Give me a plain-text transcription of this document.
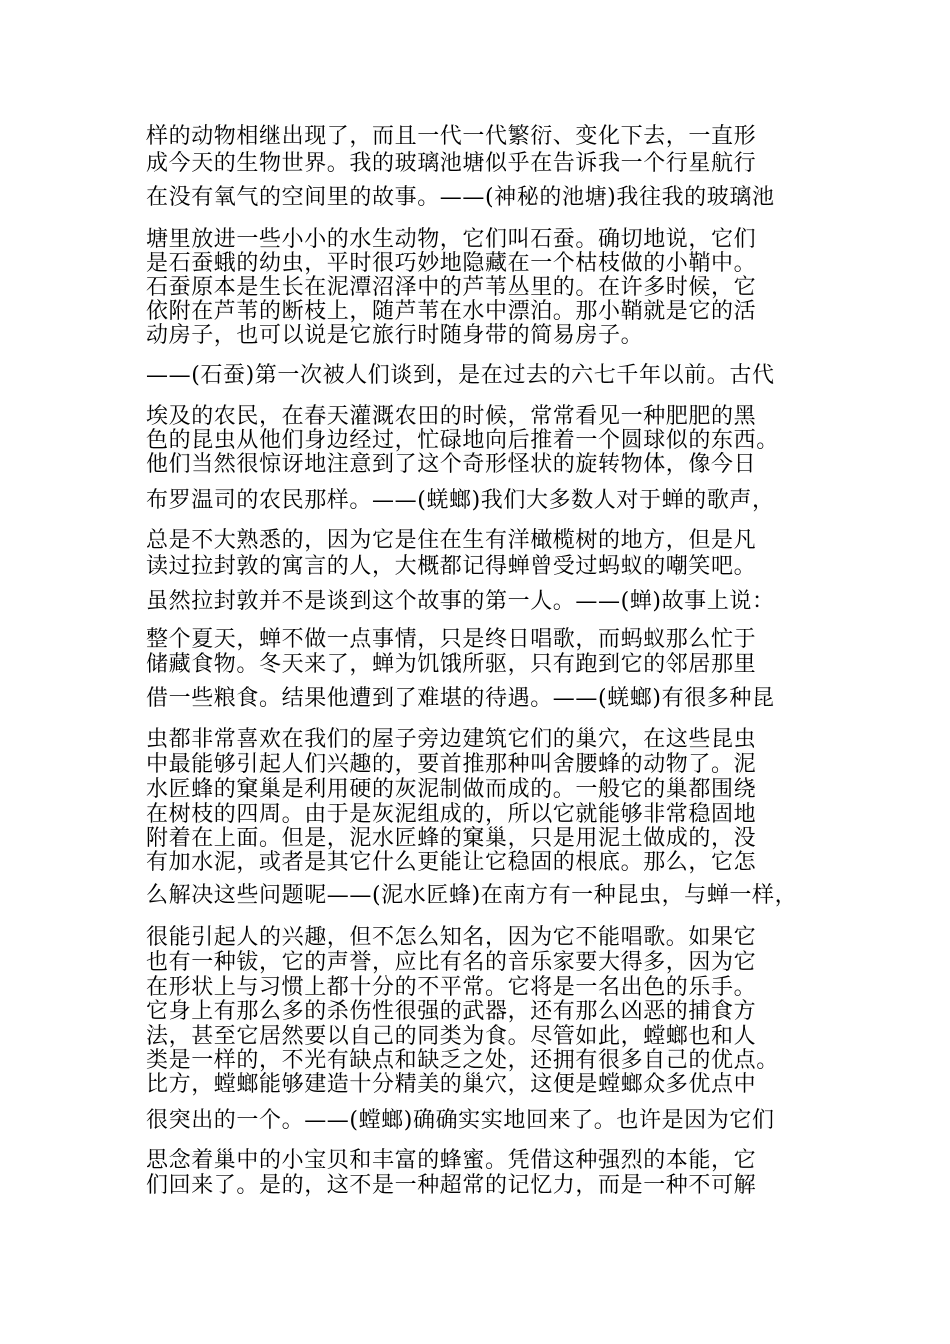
样的动物相继出现了，而且一代一代繁衍、变化下去，一直形
成今天的生物世界。我的玻璃池塘似乎在告诉我一个行星航行
在没有氧气的空间里的故事。——(神秘的池塘)我往我的玻璃池
塘里放进一些小小的水生动物，它们叫石蚕。确切地说，它们
是石蚕蛾的幼虫，平时很巧妙地隐藏在一个枯枝做的小鞘中。
石蚕原本是生长在泥潭沼泽中的芦苇丛里的。在许多时候，它
依附在芦苇的断枝上，随芦苇在水中漂泊。那小鞘就是它的活
动房子，也可以说是它旅行时随身带的简易房子。
——(石蚕)第一次被人们谈到，是在过去的六七千年以前。古代
埃及的农民，在春天灌溉农田的时候，常常看见一种肥肥的黑
色的昆虫从他们身边经过，忙碌地向后推着一个圆球似的东西。
他们当然很惊讶地注意到了这个奇形怪状的旋转物体，像今日
布罗温司的农民那样。——(蜣螂)我们大多数人对于蝉的歌声，
总是不大熟悉的，因为它是住在生有洋橄榄树的地方，但是凡
读过拉封敦的寓言的人，大概都记得蝉曾受过蚂蚁的嘲笑吧。
虽然拉封敦并不是谈到这个故事的第一人。——(蝉)故事上说：
整个夏天，蝉不做一点事情，只是终日唱歌，而蚂蚁那么忙于
储藏食物。冬天来了，蝉为饥饿所驱，只有跑到它的邻居那里
借一些粮食。结果他遭到了难堪的待遇。——(蜣螂)有很多种昆
虫都非常喜欢在我们的屋子旁边建筑它们的巢穴，在这些昆虫
中最能够引起人们兴趣的，要首推那种叫舍腰蜂的动物了。泥
水匠蜂的窠巢是利用硬的灰泥制做而成的。一般它的巢都围绕
在树枝的四周。由于是灰泥组成的，所以它就能够非常稳固地
附着在上面。但是，泥水匠蜂的窠巢，只是用泥土做成的，没
有加水泥，或者是其它什么更能让它稳固的根底。那么，它怎
么解决这些问题呢——(泥水匠蜂)在南方有一种昆虫，与蝉一样，
很能引起人的兴趣，但不怎么知名，因为它不能唱歌。如果它
也有一种钹，它的声誉，应比有名的音乐家要大得多，因为它
在形状上与习惯上都十分的不平常。它将是一名出色的乐手。
它身上有那么多的杀伤性很强的武器，还有那么凶恶的捕食方
法，甚至它居然要以自己的同类为食。尽管如此，螳螂也和人
类是一样的，不光有缺点和缺乏之处，还拥有很多自己的优点。
比方，螳螂能够建造十分精美的巢穴，这便是螳螂众多优点中
很突出的一个。——(螳螂)确确实实地回来了。也许是因为它们
思念着巢中的小宝贝和丰富的蜂蜜。凭借这种强烈的本能，它
们回来了。是的，这不是一种超常的记忆力，而是一种不可解
